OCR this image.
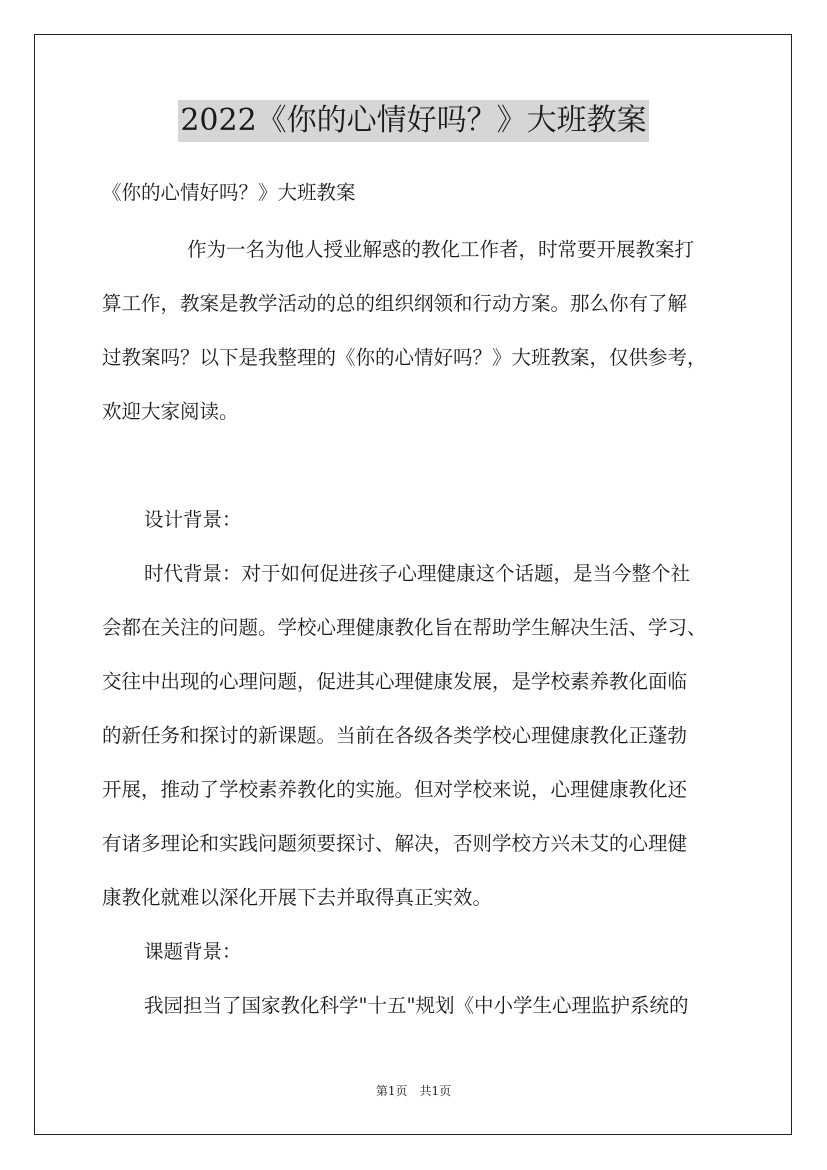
2022《你的心情好吗？》大班教案
《你的心情好吗？》大班教案
　　作为一名为他人授业解惑的教化工作者，时常要开展教案打
算工作，教案是教学活动的总的组织纲领和行动方案。那么你有了解
过教案吗？以下是我整理的《你的心情好吗？》大班教案，仅供参考，
欢迎大家阅读。
设计背景：
时代背景：对于如何促进孩子心理健康这个话题，是当今整个社
会都在关注的问题。学校心理健康教化旨在帮助学生解决生活、学习、
交往中出现的心理问题，促进其心理健康发展，是学校素养教化面临
的新任务和探讨的新课题。当前在各级各类学校心理健康教化正蓬勃
开展，推动了学校素养教化的实施。但对学校来说，心理健康教化还
有诸多理论和实践问题须要探讨、解决，否则学校方兴未艾的心理健
康教化就难以深化开展下去并取得真正实效。
课题背景：
我园担当了国家教化科学"十五"规划《中小学生心理监护系统的
第1页　共1页
